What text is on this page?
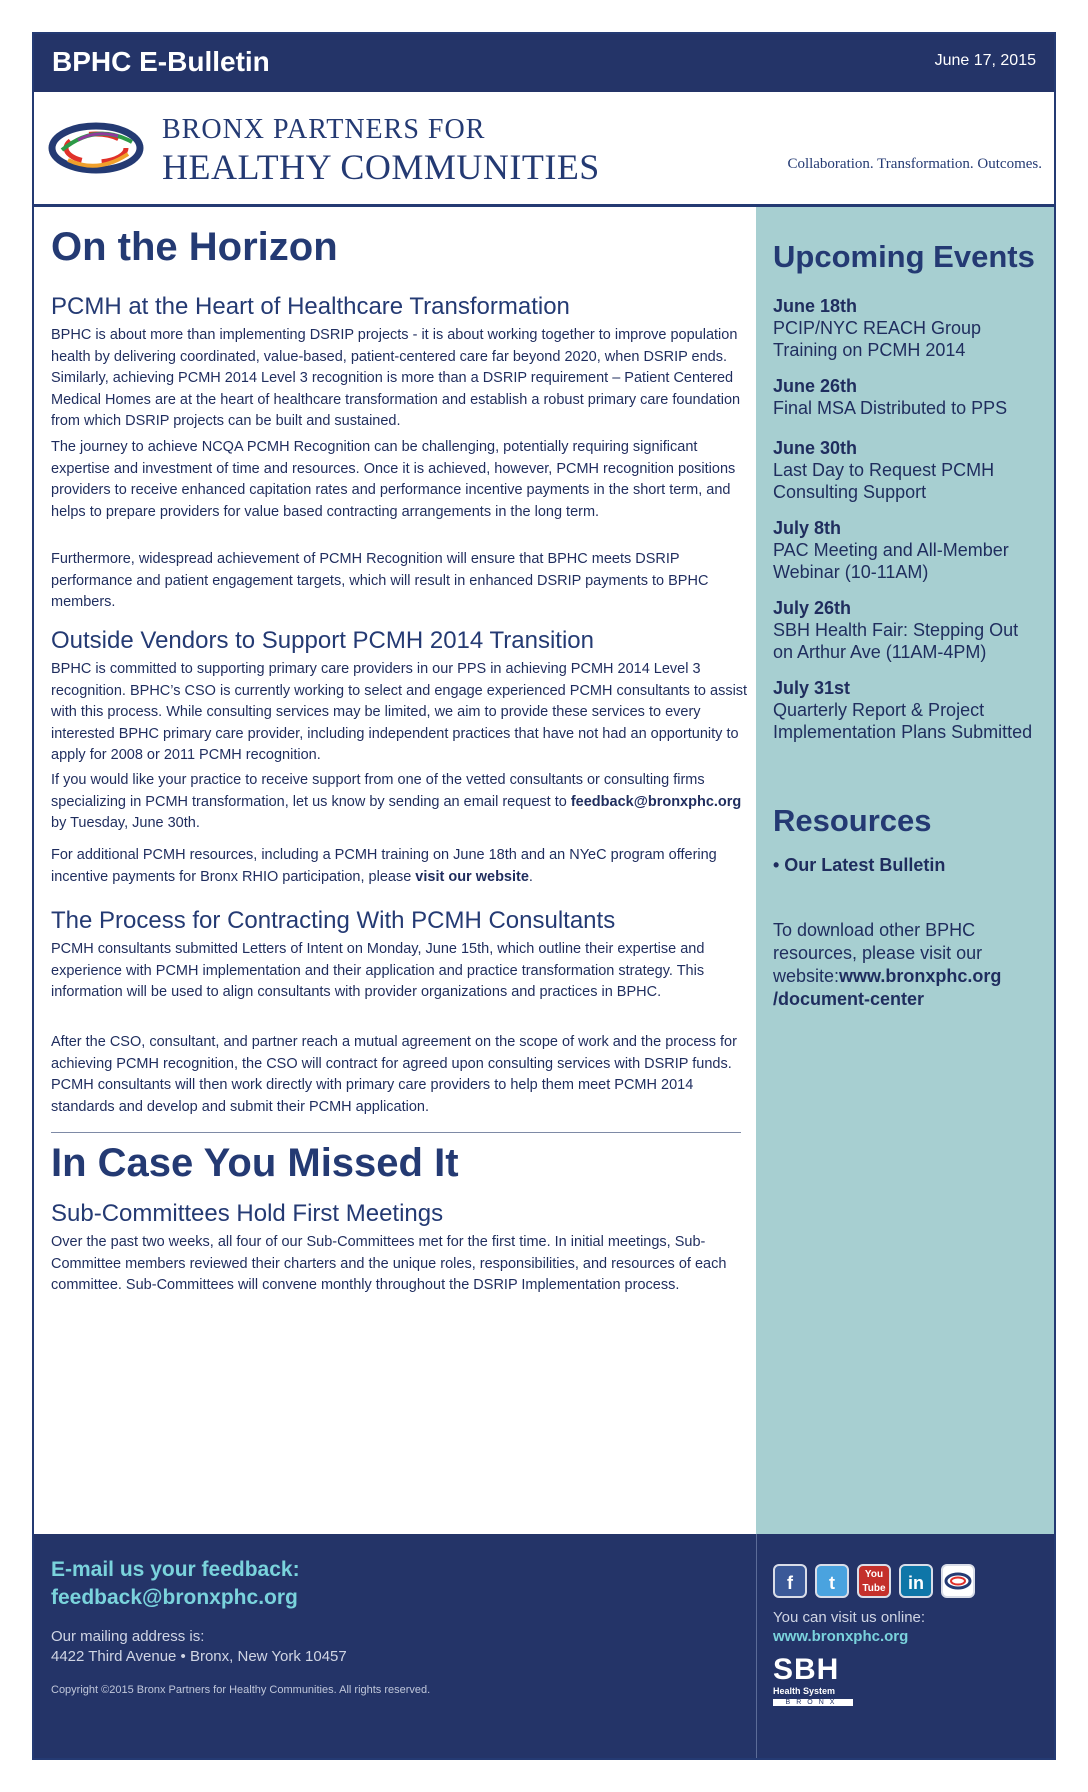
BPHC E-Bulletin	June 17, 2015
BRONX PARTNERS FOR
HEALTHY COMMUNITIES	Collaboration. Transformation. Outcomes.
On the Horizon
PCMH at the Heart of Healthcare Transformation

BPHC is about more than implementing DSRIP projects - it is about working together to improve population health by delivering coordinated, value-based, patient-centered care far beyond 2020, when DSRIP ends. Similarly, achieving PCMH 2014 Level 3 recognition is more than a DSRIP requirement – Patient Centered Medical Homes are at the heart of healthcare transformation and establish a robust primary care foundation from which DSRIP projects can be built and sustained.

The journey to achieve NCQA PCMH Recognition can be challenging, potentially requiring significant expertise and investment of time and resources. Once it is achieved, however, PCMH recognition positions providers to receive enhanced capitation rates and performance incentive payments in the short term, and helps to prepare providers for value based contracting arrangements in the long term.

Furthermore, widespread achievement of PCMH Recognition will ensure that BPHC meets DSRIP performance and patient engagement targets, which will result in enhanced DSRIP payments to BPHC members.

Outside Vendors to Support PCMH 2014 Transition

BPHC is committed to supporting primary care providers in our PPS in achieving PCMH 2014 Level 3 recognition. BPHC’s CSO is currently working to select and engage experienced PCMH consultants to assist with this process. While consulting services may be limited, we aim to provide these services to every interested BPHC primary care provider, including independent practices that have not had an opportunity to apply for 2008 or 2011 PCMH recognition.

If you would like your practice to receive support from one of the vetted consultants or consulting firms specializing in PCMH transformation, let us know by sending an email request to feedback@bronxphc.org by Tuesday, June 30th.

For additional PCMH resources, including a PCMH training on June 18th and an NYeC program offering incentive payments for Bronx RHIO participation, please visit our website.

The Process for Contracting With PCMH Consultants

PCMH consultants submitted Letters of Intent on Monday, June 15th, which outline their expertise and experience with PCMH implementation and their application and practice transformation strategy. This information will be used to align consultants with provider organizations and practices in BPHC.

After the CSO, consultant, and partner reach a mutual agreement on the scope of work and the process for achieving PCMH recognition, the CSO will contract for agreed upon consulting services with DSRIP funds. PCMH consultants will then work directly with primary care providers to help them meet PCMH 2014 standards and develop and submit their PCMH application.

In Case You Missed It
Sub-Committees Hold First Meetings

Over the past two weeks, all four of our Sub-Committees met for the first time. In initial meetings, Sub-Committee members reviewed their charters and the unique roles, responsibilities, and resources of each committee. Sub-Committees will convene monthly throughout the DSRIP Implementation process.

Upcoming Events
June 18th
PCIP/NYC REACH Group Training on PCMH 2014
June 26th
Final MSA Distributed to PPS
June 30th
Last Day to Request PCMH Consulting Support
July 8th
PAC Meeting and All-Member Webinar (10-11AM)
July 26th
SBH Health Fair: Stepping Out on Arthur Ave (11AM-4PM)
July 31st
Quarterly Report & Project Implementation Plans Submitted
Resources
• Our Latest Bulletin
To download other BPHC resources, please visit our website:www.bronxphc.org
/document-center
E-mail us your feedback:
feedback@bronxphc.org
Our mailing address is:
4422 Third Avenue • Bronx, New York 10457
Copyright ©2015 Bronx Partners for Healthy Communities. All rights reserved.
f	t	You
Tube	in
You can visit us online:
www.bronxphc.org
SBH
Health System
BRONX
